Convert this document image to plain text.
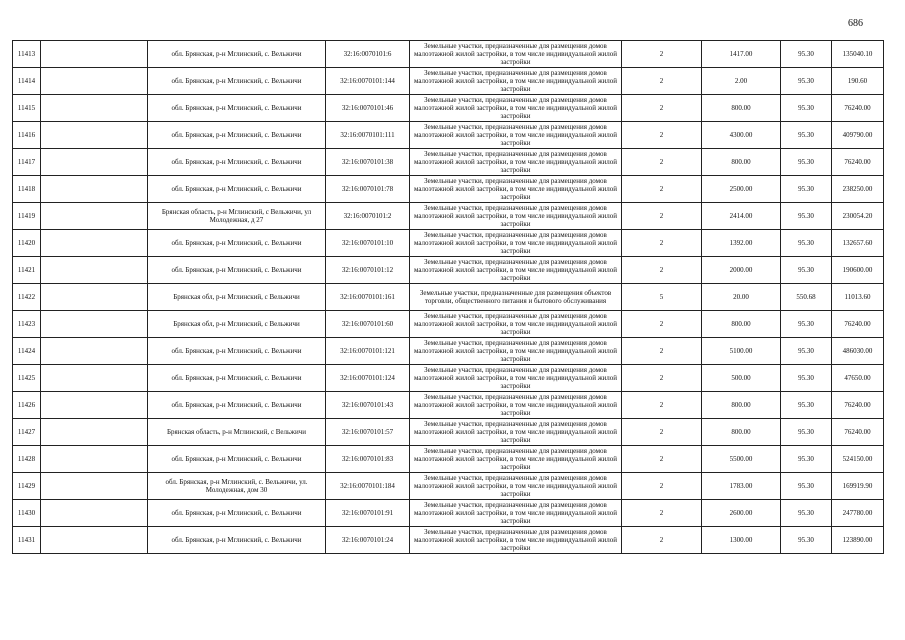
686
11413		обл. Брянская, р-н Мглинский, с. Вельжичи	32:16:0070101:6	Земельные участки, предназначенные для размещения домов малоэтажной жилой застройки, в том числе индивидуальной жилой застройки	2	1417.00	95.30	135040.10
11414		обл. Брянская, р-н Мглинский, с. Вельжичи	32:16:0070101:144	Земельные участки, предназначенные для размещения домов малоэтажной жилой застройки, в том числе индивидуальной жилой застройки	2	2.00	95.30	190.60
11415		обл. Брянская, р-н Мглинский, с. Вельжичи	32:16:0070101:46	Земельные участки, предназначенные для размещения домов малоэтажной жилой застройки, в том числе индивидуальной жилой застройки	2	800.00	95.30	76240.00
11416		обл. Брянская, р-н Мглинский, с. Вельжичи	32:16:0070101:111	Земельные участки, предназначенные для размещения домов малоэтажной жилой застройки, в том числе индивидуальной жилой застройки	2	4300.00	95.30	409790.00
11417		обл. Брянская, р-н Мглинский, с. Вельжичи	32:16:0070101:38	Земельные участки, предназначенные для размещения домов малоэтажной жилой застройки, в том числе индивидуальной жилой застройки	2	800.00	95.30	76240.00
11418		обл. Брянская, р-н Мглинский, с. Вельжичи	32:16:0070101:78	Земельные участки, предназначенные для размещения домов малоэтажной жилой застройки, в том числе индивидуальной жилой застройки	2	2500.00	95.30	238250.00
11419		Брянская область, р-н Мглинский, с Вельжичи, ул Молодежная, д 27	32:16:0070101:2	Земельные участки, предназначенные для размещения домов малоэтажной жилой застройки, в том числе индивидуальной жилой застройки	2	2414.00	95.30	230054.20
11420		обл. Брянская, р-н Мглинский, с. Вельжичи	32:16:0070101:10	Земельные участки, предназначенные для размещения домов малоэтажной жилой застройки, в том числе индивидуальной жилой застройки	2	1392.00	95.30	132657.60
11421		обл. Брянская, р-н Мглинский, с. Вельжичи	32:16:0070101:12	Земельные участки, предназначенные для размещения домов малоэтажной жилой застройки, в том числе индивидуальной жилой застройки	2	2000.00	95.30	190600.00
11422		Брянская обл, р-н Мглинский, с Вельжичи	32:16:0070101:161	Земельные участки, предназначенные для размещения объектов торговли, общественного питания и бытового обслуживания	5	20.00	550.68	11013.60
11423		Брянская обл, р-н Мглинский, с Вельжичи	32:16:0070101:60	Земельные участки, предназначенные для размещения домов малоэтажной жилой застройки, в том числе индивидуальной жилой застройки	2	800.00	95.30	76240.00
11424		обл. Брянская, р-н Мглинский, с. Вельжичи	32:16:0070101:121	Земельные участки, предназначенные для размещения домов малоэтажной жилой застройки, в том числе индивидуальной жилой застройки	2	5100.00	95.30	486030.00
11425		обл. Брянская, р-н Мглинский, с. Вельжичи	32:16:0070101:124	Земельные участки, предназначенные для размещения домов малоэтажной жилой застройки, в том числе индивидуальной жилой застройки	2	500.00	95.30	47650.00
11426		обл. Брянская, р-н Мглинский, с. Вельжичи	32:16:0070101:43	Земельные участки, предназначенные для размещения домов малоэтажной жилой застройки, в том числе индивидуальной жилой застройки	2	800.00	95.30	76240.00
11427		Брянская область, р-н Мглинский, с Вельжичи	32:16:0070101:57	Земельные участки, предназначенные для размещения домов малоэтажной жилой застройки, в том числе индивидуальной жилой застройки	2	800.00	95.30	76240.00
11428		обл. Брянская, р-н Мглинский, с. Вельжичи	32:16:0070101:83	Земельные участки, предназначенные для размещения домов малоэтажной жилой застройки, в том числе индивидуальной жилой застройки	2	5500.00	95.30	524150.00
11429		обл. Брянская, р-н Мглинский, с. Вельжичи, ул. Молодежная, дом 30	32:16:0070101:184	Земельные участки, предназначенные для размещения домов малоэтажной жилой застройки, в том числе индивидуальной жилой застройки	2	1783.00	95.30	169919.90
11430		обл. Брянская, р-н Мглинский, с. Вельжичи	32:16:0070101:91	Земельные участки, предназначенные для размещения домов малоэтажной жилой застройки, в том числе индивидуальной жилой застройки	2	2600.00	95.30	247780.00
11431		обл. Брянская, р-н Мглинский, с. Вельжичи	32:16:0070101:24	Земельные участки, предназначенные для размещения домов малоэтажной жилой застройки, в том числе индивидуальной жилой застройки	2	1300.00	95.30	123890.00
